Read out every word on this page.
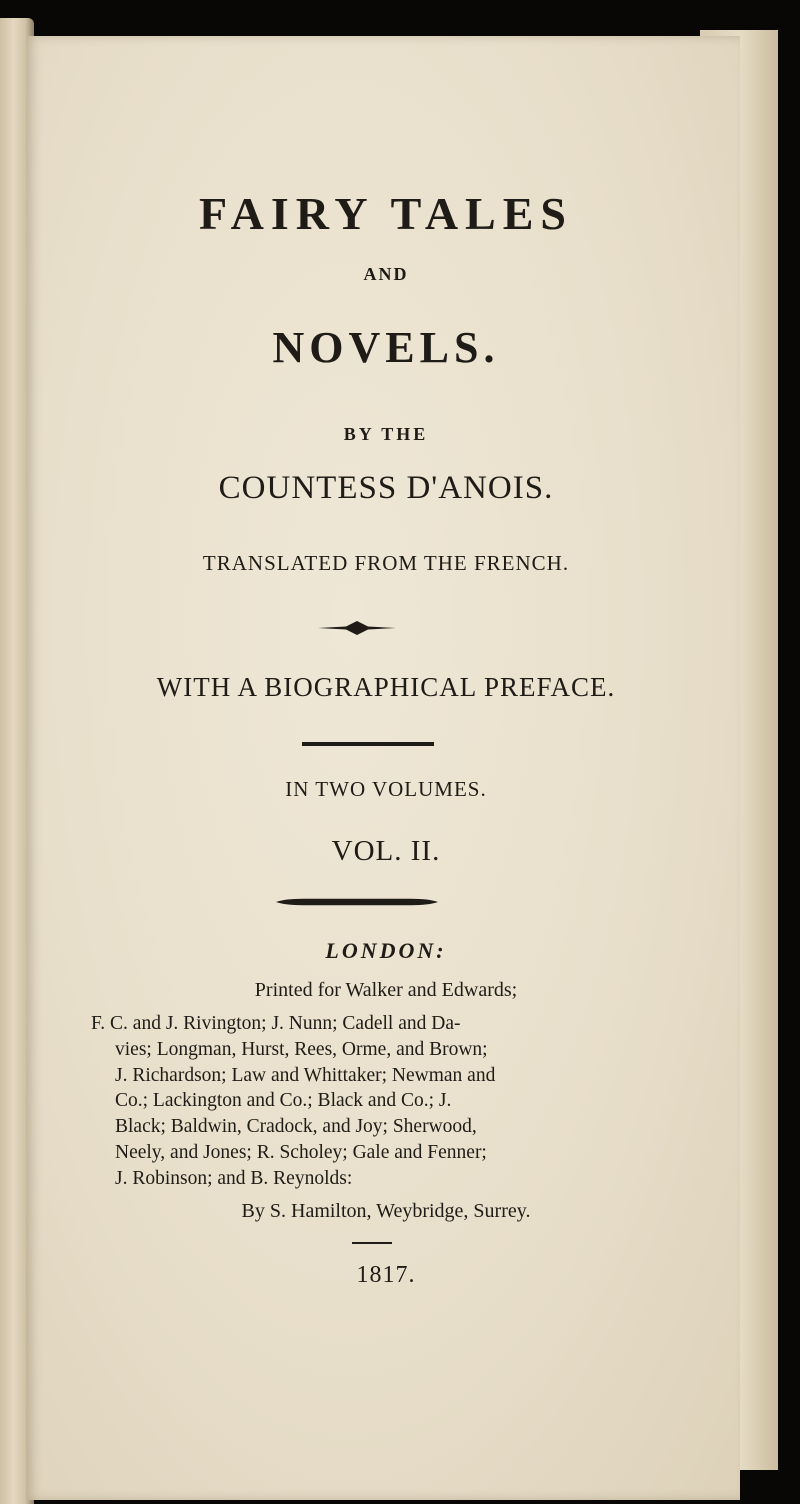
FAIRY TALES

AND

NOVELS.

BY THE

COUNTESS D'ANOIS.

TRANSLATED FROM THE FRENCH.

WITH A BIOGRAPHICAL PREFACE.

IN TWO VOLUMES.

VOL. II.

LONDON:

Printed for Walker and Edwards;

F. C. and J. Rivington; J. Nunn; Cadell and Da-
vies; Longman, Hurst, Rees, Orme, and Brown;
J. Richardson; Law and Whittaker; Newman and
Co.; Lackington and Co.; Black and Co.; J.
Black; Baldwin, Cradock, and Joy; Sherwood,
Neely, and Jones; R. Scholey; Gale and Fenner;
J. Robinson; and B. Reynolds:

By S. Hamilton, Weybridge, Surrey.

1817.
